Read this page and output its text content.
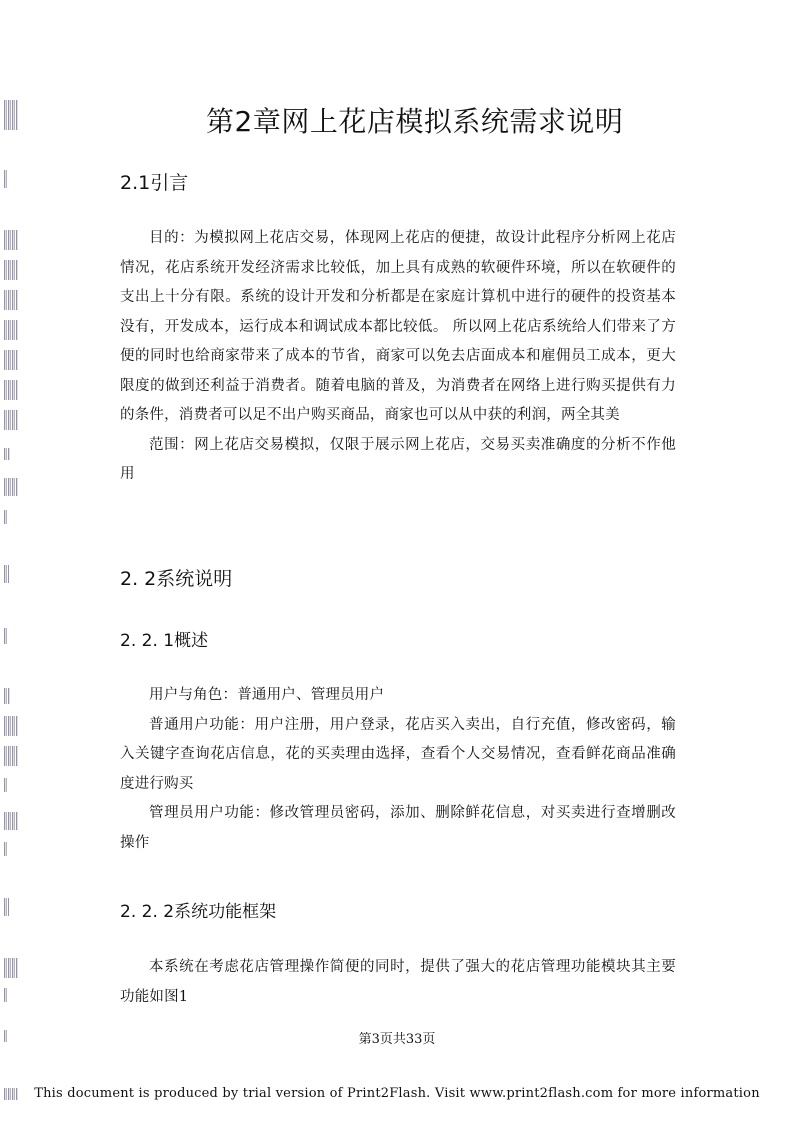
第2章网上花店模拟系统需求说明
2.1引言

目的：为模拟网上花店交易，体现网上花店的便捷，故设计此程序分析网上花店情况，花店系统开发经济需求比较低，加上具有成熟的软硬件环境，所以在软硬件的支出上十分有限。系统的设计开发和分析都是在家庭计算机中进行的硬件的投资基本没有，开发成本，运行成本和调试成本都比较低。 所以网上花店系统给人们带来了方便的同时也给商家带来了成本的节省，商家可以免去店面成本和雇佣员工成本，更大限度的做到还利益于消费者。随着电脑的普及，为消费者在网络上进行购买提供有力的条件，消费者可以足不出户购买商品，商家也可以从中获的利润，两全其美

范围：网上花店交易模拟，仅限于展示网上花店，交易买卖准确度的分析不作他用

2. 2系统说明
2. 2. 1概述

用户与角色：普通用户、管理员用户

普通用户功能：用户注册，用户登录，花店买入卖出，自行充值，修改密码，输入关键字查询花店信息，花的买卖理由选择，查看个人交易情况，查看鲜花商品准确度进行购买

管理员用户功能：修改管理员密码，添加、删除鲜花信息，对买卖进行查增删改操作

2. 2. 2系统功能框架

本系统在考虑花店管理操作简便的同时，提供了强大的花店管理功能模块其主要功能如图1

第3页共33页
This document is produced by trial version of Print2Flash. Visit www.print2flash.com for more information
